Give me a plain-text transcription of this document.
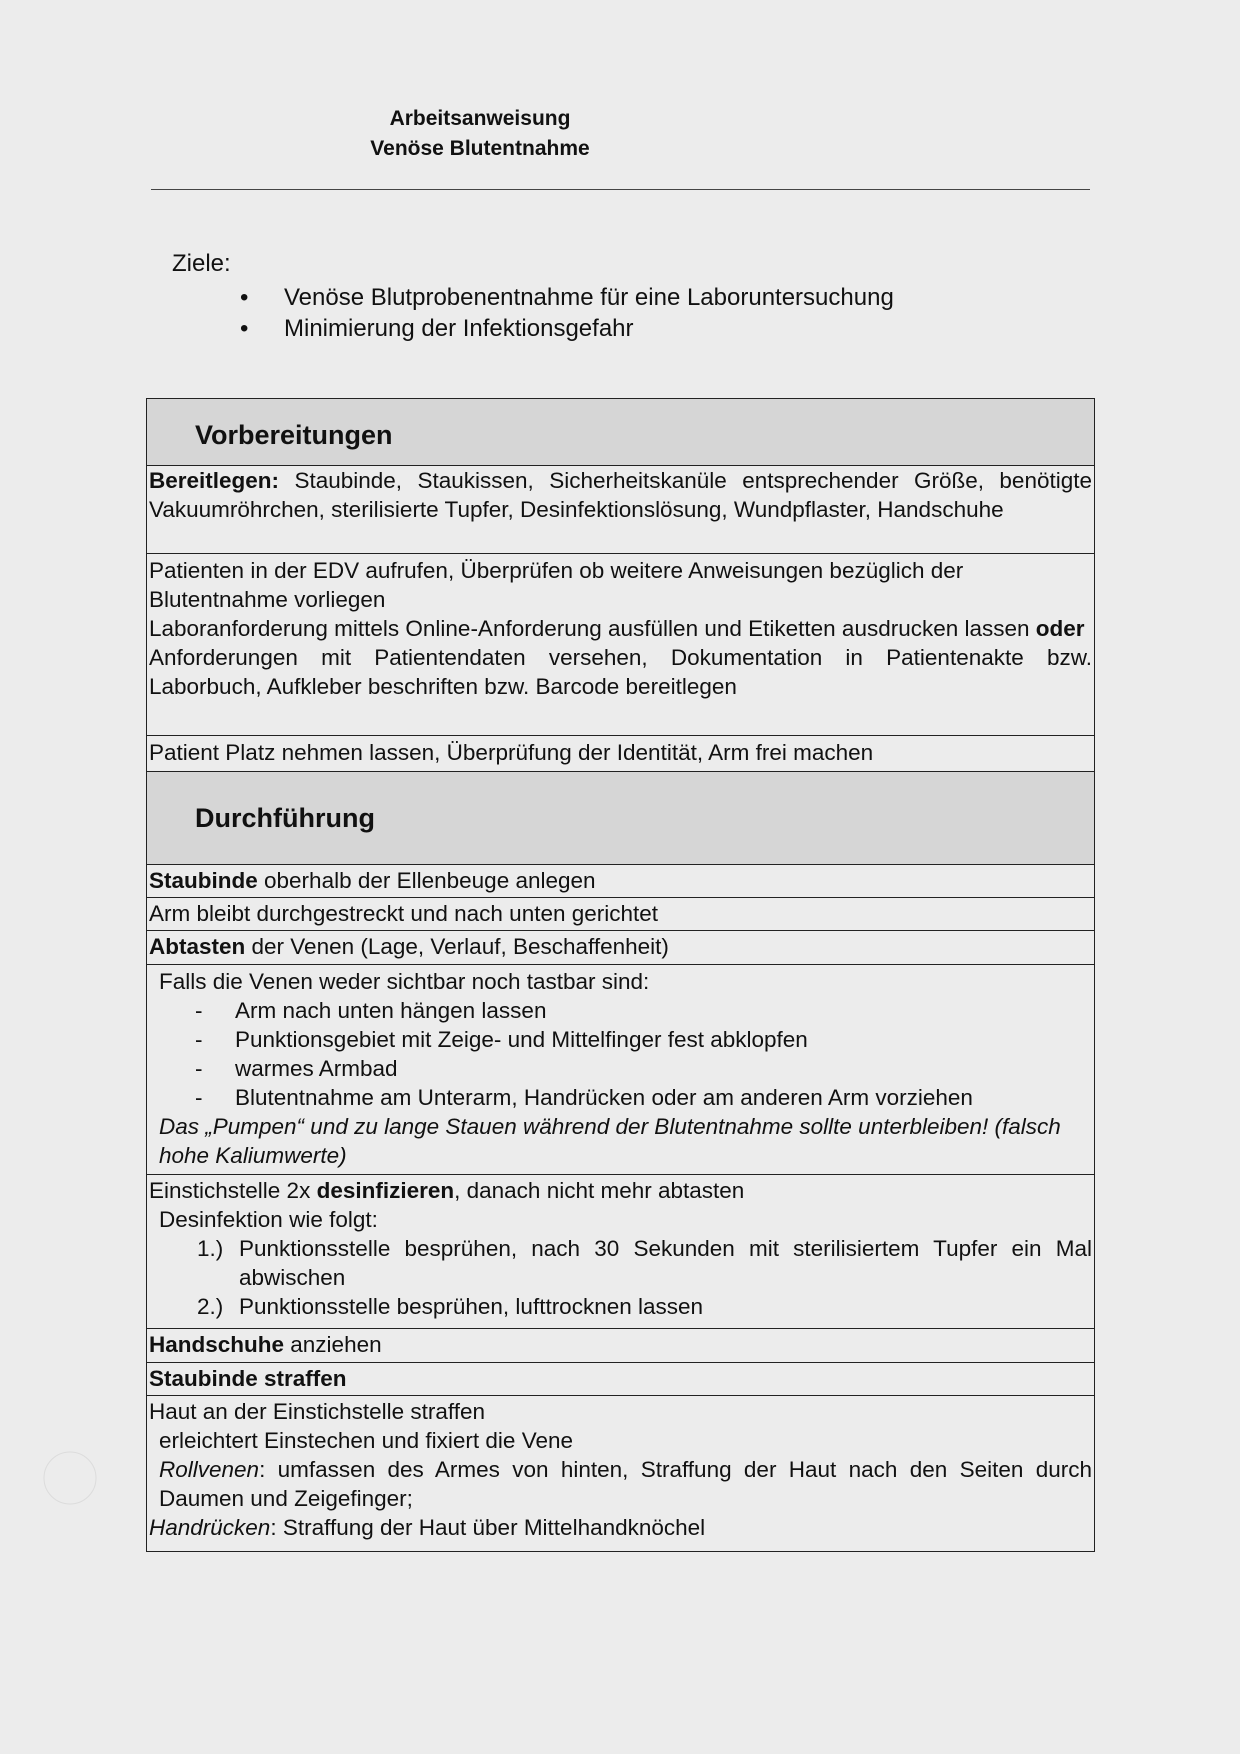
Arbeitsanweisung
Venöse Blutentnahme
Ziele:
• Venöse Blutprobenentnahme für eine Laboruntersuchung
• Minimierung der Infektionsgefahr
Vorbereitungen
Bereitlegen: Staubinde, Staukissen, Sicherheitskanüle entsprechender Größe, benötigte Vakuumröhrchen, sterilisierte Tupfer, Desinfektionslösung, Wundpflaster, Handschuhe
Patienten in der EDV aufrufen, Überprüfen ob weitere Anweisungen bezüglich der Blutentnahme vorliegen
Laboranforderung mittels Online-Anforderung ausfüllen und Etiketten ausdrucken lassen oder
Anforderungen mit Patientendaten versehen, Dokumentation in Patientenakte bzw. Laborbuch, Aufkleber beschriften bzw. Barcode bereitlegen
Patient Platz nehmen lassen, Überprüfung der Identität, Arm frei machen
Durchführung
Staubinde oberhalb der Ellenbeuge anlegen
Arm bleibt durchgestreckt und nach unten gerichtet
Abtasten der Venen (Lage, Verlauf, Beschaffenheit)
Falls die Venen weder sichtbar noch tastbar sind:
- Arm nach unten hängen lassen
- Punktionsgebiet mit Zeige- und Mittelfinger fest abklopfen
- warmes Armbad
- Blutentnahme am Unterarm, Handrücken oder am anderen Arm vorziehen
Das „Pumpen“ und zu lange Stauen während der Blutentnahme sollte unterbleiben! (falsch hohe Kaliumwerte)
Einstichstelle 2x desinfizieren, danach nicht mehr abtasten
Desinfektion wie folgt:
1.) Punktionsstelle besprühen, nach 30 Sekunden mit sterilisiertem Tupfer ein Mal abwischen
2.) Punktionsstelle besprühen, lufttrocknen lassen
Handschuhe anziehen
Staubinde straffen
Haut an der Einstichstelle straffen
erleichtert Einstechen und fixiert die Vene
Rollvenen: umfassen des Armes von hinten, Straffung der Haut nach den Seiten durch Daumen und Zeigefinger;
Handrücken: Straffung der Haut über Mittelhandknöchel
